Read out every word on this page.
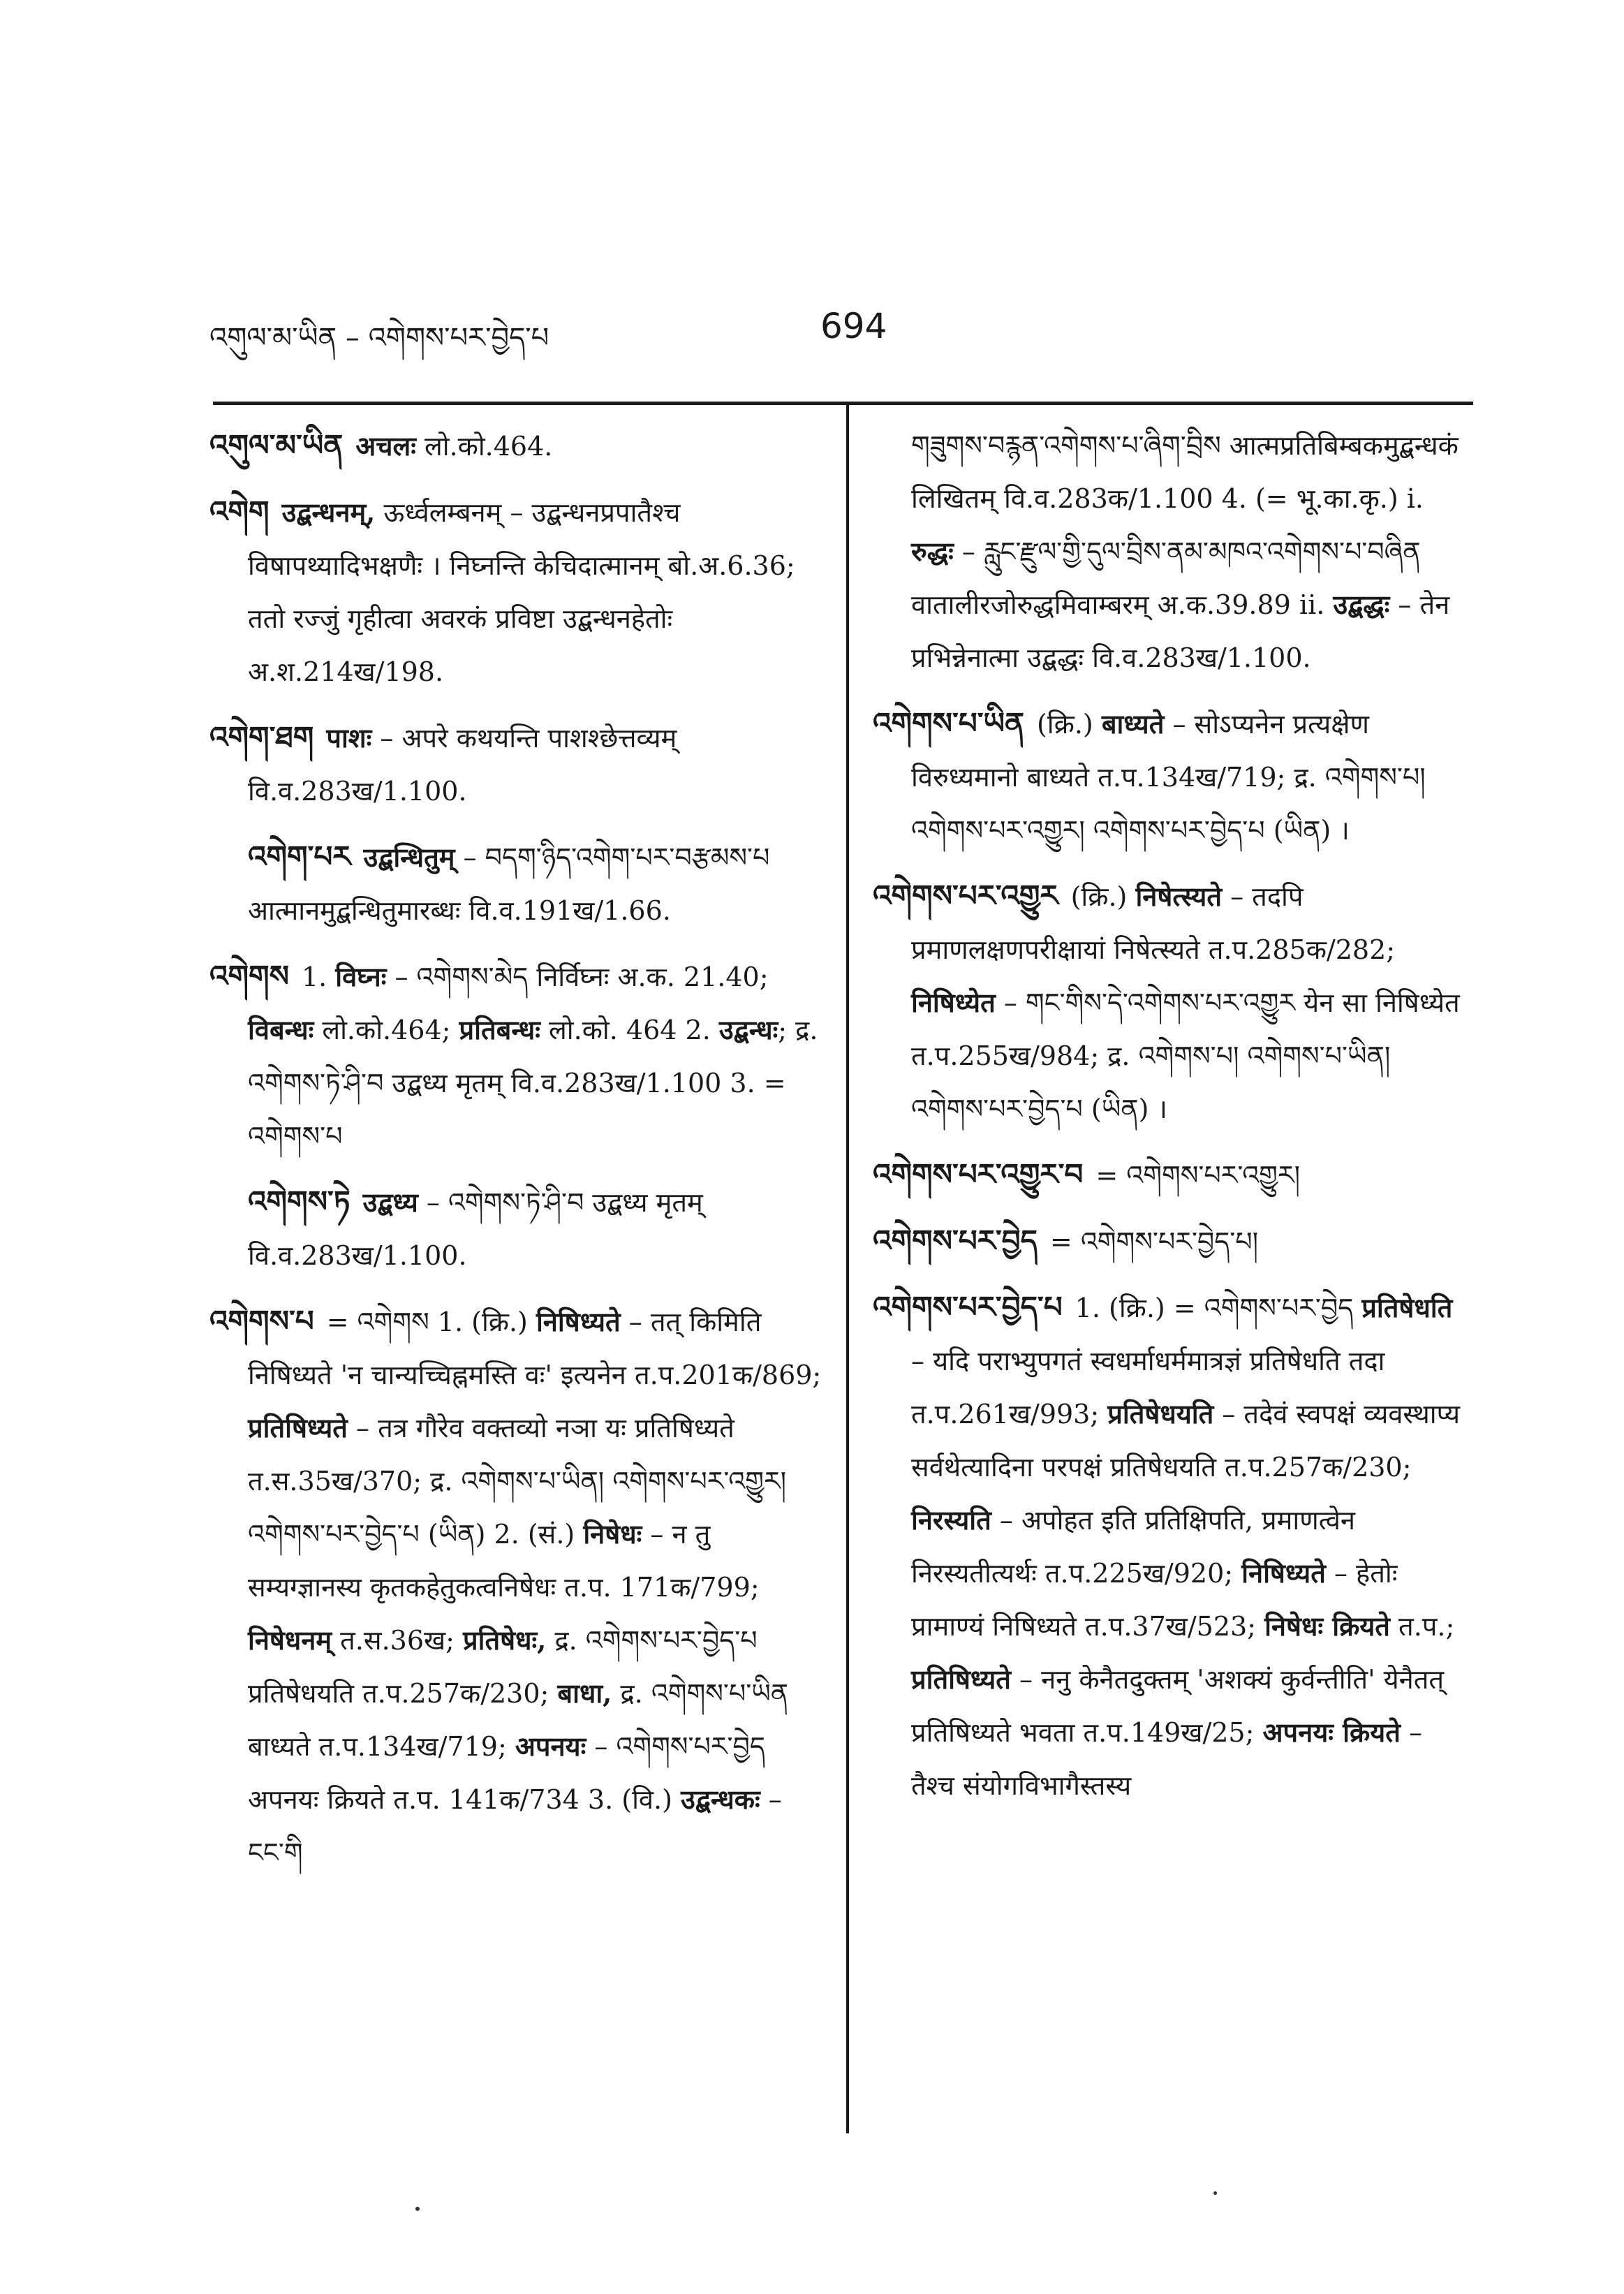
འགུལ་མ་ཡིན – འགེགས་པར་བྱེད་པ	694
འགུལ་མ་ཡིན अचलः लो.को.464.
འགེག उद्बन्धनम्, ऊर्ध्वलम्बनम् – उद्बन्धनप्रपातैश्च विषापथ्यादिभक्षणैः । निघ्नन्ति केचिदात्मानम् बो.अ.6.36; ततो रज्जुं गृहीत्वा अवरकं प्रविष्टा उद्बन्धनहेतोः अ.श.214ख/198.
འགེག་ཐག पाशः – अपरे कथयन्ति पाशश्छेत्तव्यम् वि.व.283ख/1.100.
འགེག་པར उद्बन्धितुम् – བདག་ཉིད་འགེག་པར་བརྩམས་པ आत्मानमुद्बन्धितुमारब्धः वि.व.191ख/1.66.
འགེགས 1. विघ्नः – འགེགས་མེད निर्विघ्नः अ.क. 21.40; विबन्धः लो.को.464; प्रतिबन्धः लो.को. 464 2. उद्बन्धः; द्र. འགེགས་ཏེ་ཤི་བ उद्बध्य मृतम् वि.व.283ख/1.100 3. = འགེགས་པ
འགེགས་ཏེ उद्बध्य – འགེགས་ཏེ་ཤི་བ उद्बध्य मृतम् वि.व.283ख/1.100.
འགེགས་པ = འགེགས 1. (क्रि.) निषिध्यते – तत् किमिति निषिध्यते 'न चान्यच्चिह्नमस्ति वः' इत्यनेन त.प.201क/869; प्रतिषिध्यते – तत्र गौरेव वक्तव्यो नञा यः प्रतिषिध्यते त.स.35ख/370; द्र. འགེགས་པ་ཡིན། འགེགས་པར་འགྱུར། འགེགས་པར་བྱེད་པ (ཡིན) 2. (सं.) निषेधः – न तु सम्यग्ज्ञानस्य कृतकहेतुकत्वनिषेधः त.प. 171क/799; निषेधनम् त.स.36ख; प्रतिषेधः, द्र. འགེགས་པར་བྱེད་པ प्रतिषेधयति त.प.257क/230; बाधा, द्र. འགེགས་པ་ཡིན बाध्यते त.प.134ख/719; अपनयः – འགེགས་པར་བྱེད अपनयः क्रियते त.प. 141क/734 3. (वि.) उद्बन्धकः – ངང་གི
གཟུགས་བརྙན་འགེགས་པ་ཞིག་བྲིས आत्मप्रतिबिम्बकमुद्बन्धकं लिखितम् वि.व.283क/1.100 4. (= भू.का.कृ.) i. रुद्धः – རླུང་རྫུལ་གྱི་དུལ་བྲིས་ནམ་མཁའ་འགེགས་པ་བཞིན वातालीरजोरुद्धमिवाम्बरम् अ.क.39.89 ii. उद्बद्धः – तेन प्रभिन्नेनात्मा उद्बद्धः वि.व.283ख/1.100.
འགེགས་པ་ཡིན (क्रि.) बाध्यते – सोऽप्यनेन प्रत्यक्षेण विरुध्यमानो बाध्यते त.प.134ख/719; द्र. འགེགས་པ། འགེགས་པར་འགྱུར། འགེགས་པར་བྱེད་པ (ཡིན) ।
འགེགས་པར་འགྱུར (क्रि.) निषेत्स्यते – तदपि प्रमाणलक्षणपरीक्षायां निषेत्स्यते त.प.285क/282; निषिध्येत – གང་གིས་དེ་འགེགས་པར་འགྱུར येन सा निषिध्येत त.प.255ख/984; द्र. འགེགས་པ། འགེགས་པ་ཡིན། འགེགས་པར་བྱེད་པ (ཡིན) ।
འགེགས་པར་འགྱུར་བ = འགེགས་པར་འགྱུར།
འགེགས་པར་བྱེད = འགེགས་པར་བྱེད་པ།
འགེགས་པར་བྱེད་པ 1. (क्रि.) = འགེགས་པར་བྱེད प्रतिषेधति – यदि पराभ्युपगतं स्वधर्माधर्ममात्रज्ञं प्रतिषेधति तदा त.प.261ख/993; प्रतिषेधयति – तदेवं स्वपक्षं व्यवस्थाप्य सर्वथेत्यादिना परपक्षं प्रतिषेधयति त.प.257क/230; निरस्यति – अपोहत इति प्रतिक्षिपति, प्रमाणत्वेन निरस्यतीत्यर्थः त.प.225ख/920; निषिध्यते – हेतोः प्रामाण्यं निषिध्यते त.प.37ख/523; निषेधः क्रियते त.प.; प्रतिषिध्यते – ननु केनैतदुक्तम् 'अशक्यं कुर्वन्तीति' येनैतत् प्रतिषिध्यते भवता त.प.149ख/25; अपनयः क्रियते – तैश्च संयोगविभागैस्तस्य
